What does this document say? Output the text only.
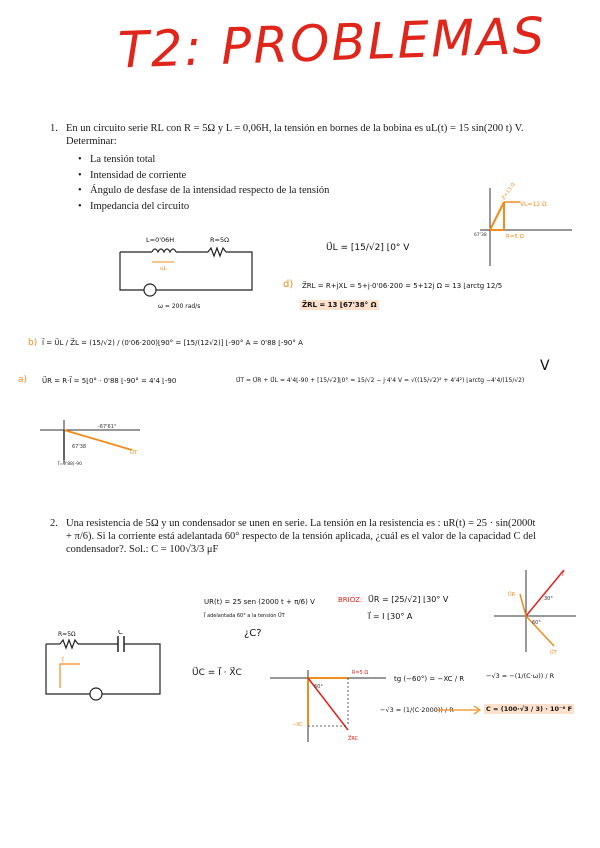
T2: PROBLEMAS
1. En un circuito serie RL con R = 5Ω y L = 0,06H, la tensión en bornes de la bobina es uL(t) = 15 sin(200 t) V. Determinar:
• La tensión total
• Intensidad de corriente
• Ángulo de desfase de la intensidad respecto de la tensión
• Impedancia del circuito
Z=13 Ω
VL=12 Ω
R=5 Ω
67'38
L=0'06H	R=5Ω
uL
ω = 200 rad/s
U⃗L = [15/√2] ⌊0° V
d) Z⃗RL = R+jXL = 5+j·0'06·200 = 5+12j Ω = 13 ⌊arctg 12/5
Z⃗RL = 13 ⌊67'38° Ω
b) I⃗ = U⃗L / Z⃗L = (15/√2) / (0'06·200)⌊90° = [15/(12√2)] ⌊-90° A = 0'88 ⌊-90° A
a) U⃗R = R·I⃗ = 5⌊0° · 0'88 ⌊-90° = 4'4 ⌊-90	U⃗T = U⃗R + U⃗L = 4'4⌊-90 + [15/√2]⌊0° = 15/√2 − j·4'4 V = √((15/√2)² + 4'4²) ⌊arctg −4'4/(15/√2)
V
-67'61°
67'38
U⃗T
I⃗=0'88⌊-90
2. Una resistencia de 5Ω y un condensador se unen en serie. La tensión en la resistencia es : uR(t) = 25 · sin(2000t + π/6). Si la corriente está adelantada 60° respecto de la tensión aplicada, ¿cuál es el valor de la capacidad C del condensador?. Sol.: C = 100√3/3 μF
UR(t) = 25 sen (2000 t + π/6) V
I⃗ adelantada 60° a la tensión U⃗T
¿C?
BRIOZ: U⃗R = [25/√2] ⌊30° V
I⃗ = I ⌊30° A
I⃗
30°
60°
U⃗R
U⃗T
R=5Ω	C
I⃗
U⃗C = I⃗ · X⃗C	R=5 Ω
−XC
Z⃗RC
60°
tg (−60°) = −XC / R	−√3 = −(1/(C·ω)) / R
−√3 = (1/(C·2000)) / R	C = (100·√3 / 3) · 10⁻⁶ F
